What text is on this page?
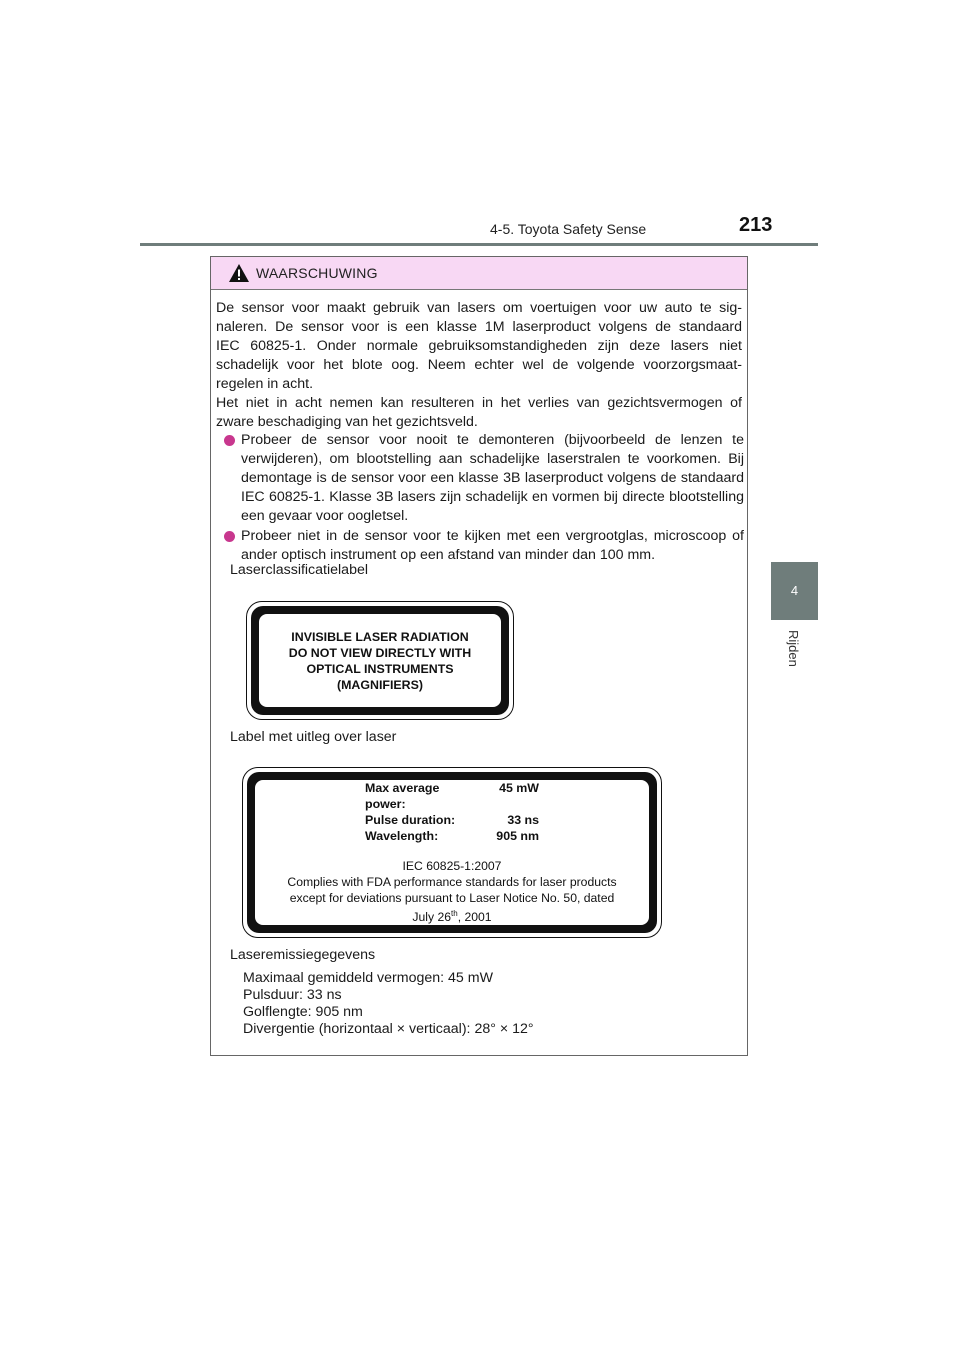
4-5. Toyota Safety Sense	213
4
Rijden
WAARSCHUWING
De sensor voor maakt gebruik van lasers om voertuigen voor uw auto te sig-
naleren. De sensor voor is een klasse 1M laserproduct volgens de standaard
IEC 60825-1. Onder normale gebruiksomstandigheden zijn deze lasers niet
schadelijk voor het blote oog. Neem echter wel de volgende voorzorgsmaat-
regelen in acht.
Het niet in acht nemen kan resulteren in het verlies van gezichtsvermogen of
zware beschadiging van het gezichtsveld.
Probeer de sensor voor nooit te demonteren (bijvoorbeeld de lenzen te verwijderen), om blootstelling aan schadelijke laserstralen te voorkomen. Bij demontage is de sensor voor een klasse 3B laserproduct volgens de standaard IEC 60825-1. Klasse 3B lasers zijn schadelijk en vormen bij directe blootstelling een gevaar voor oogletsel.
Probeer niet in de sensor voor te kijken met een vergrootglas, microscoop of ander optisch instrument op een afstand van minder dan 100 mm.
Laserclassificatielabel
INVISIBLE LASER RADIATION
DO NOT VIEW DIRECTLY WITH
OPTICAL INSTRUMENTS
(MAGNIFIERS)
Label met uitleg over laser
Max average power:
45 mW
Pulse duration:	33 ns
Wavelength:	905 nm
IEC 60825-1:2007
Complies with FDA performance standards for laser products
except for deviations pursuant to Laser Notice No. 50, dated
July 26th, 2001
Laseremissiegegevens
Maximaal gemiddeld vermogen: 45 mW
Pulsduur: 33 ns
Golflengte: 905 nm
Divergentie (horizontaal × verticaal): 28° × 12°
